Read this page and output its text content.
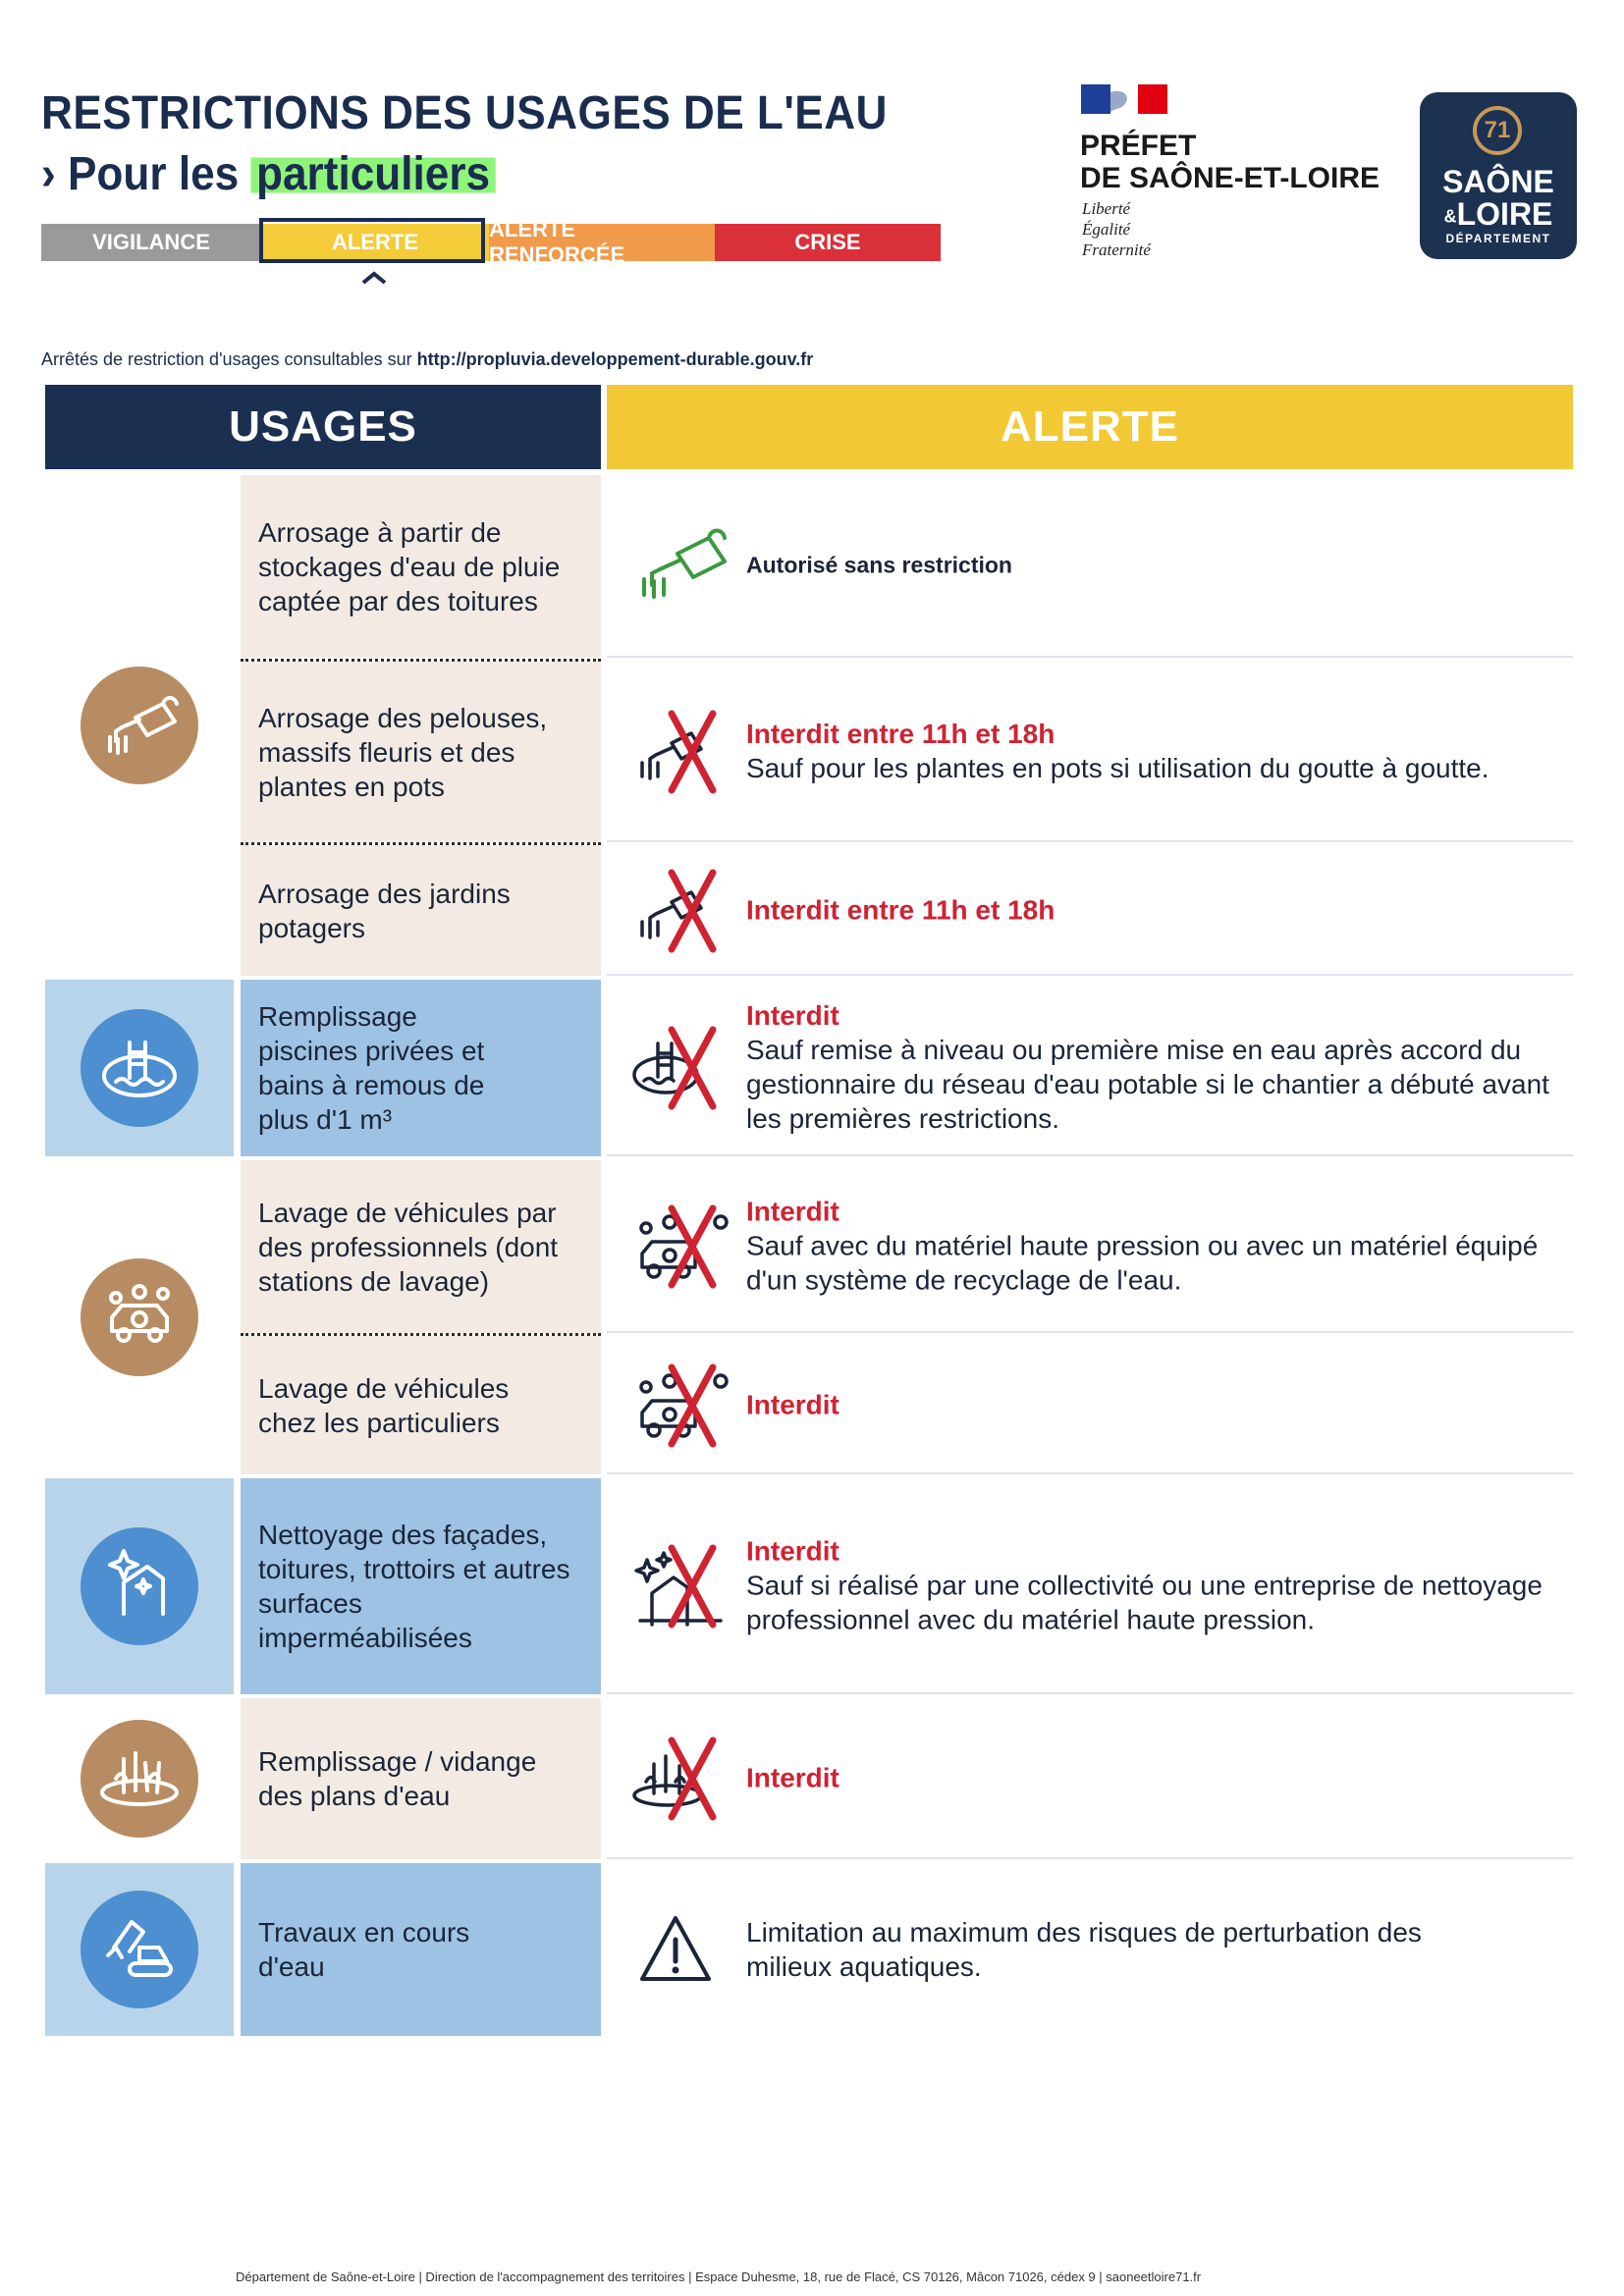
RESTRICTIONS DES USAGES DE L'EAU
› Pour les particuliers
VIGILANCE	ALERTE
ALERTE RENFORCÉE
CRISE
PRÉFET
DE SAÔNE-ET-LOIRE
Liberté
Égalité
Fraternité
71
SAÔNE
&LOIRE
DÉPARTEMENT
Arrêtés de restriction d'usages consultables sur http://propluvia.developpement-durable.gouv.fr
USAGES	ALERTE
Arrosage à partir de stockages d'eau de pluie captée par des toitures
Arrosage des pelouses, massifs fleuris et des plantes en pots
Arrosage des jardins potagers
Remplissage piscines privées et bains à remous de plus d'1 m³
Lavage de véhicules par des professionnels (dont stations de lavage)
Lavage de véhicules chez les particuliers
Nettoyage des façades, toitures, trottoirs et autres surfaces imperméabilisées
Remplissage / vidange des plans d'eau
Travaux en cours d'eau
Autorisé sans restriction
Interdit entre 11h et 18h
Sauf pour les plantes en pots si utilisation du goutte à goutte.
Interdit entre 11h et 18h
Interdit
Sauf remise à niveau ou première mise en eau après accord du gestionnaire du réseau d'eau potable si le chantier a débuté avant les premières restrictions.
Interdit
Sauf avec du matériel haute pression ou avec un matériel équipé d'un système de recyclage de l'eau.
Interdit
Interdit
Sauf si réalisé par une collectivité ou une entreprise de nettoyage professionnel avec du matériel haute pression.
Interdit
Limitation au maximum des risques de perturbation des milieux aquatiques.
Département de Saône-et-Loire | Direction de l'accompagnement des territoires | Espace Duhesme, 18, rue de Flacé, CS 70126, Mâcon 71026, cédex 9 | saoneetloire71.fr
